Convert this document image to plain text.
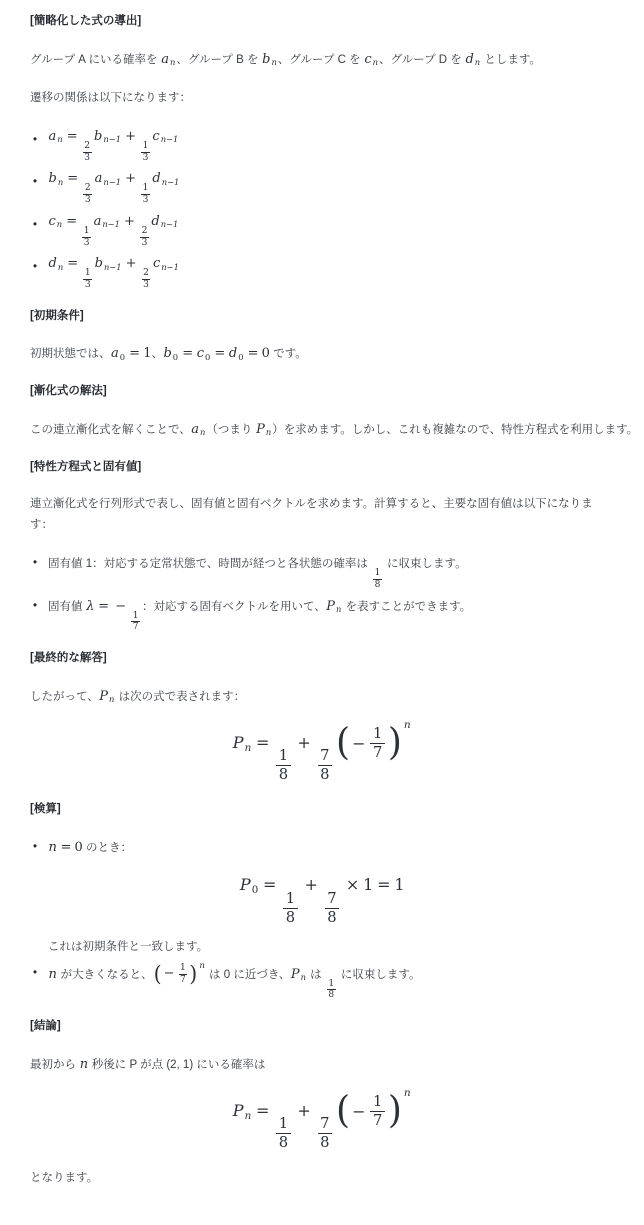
[簡略化した式の導出]

グループ A にいる確率を an、グループ B を bn、グループ C を cn、グループ D を dn とします。

遷移の関係は以下になります：

• an =
$\frac{2}{3}$
bn−1 +
$\frac{1}{3}$
cn−1
• bn =
$\frac{2}{3}$
an−1 +
$\frac{1}{3}$
dn−1
• cn =
$\frac{1}{3}$
an−1 +
$\frac{2}{3}$
dn−1
• dn =
$\frac{1}{3}$
bn−1 +
$\frac{2}{3}$
cn−1
[初期条件]

初期状態では、a0 = 1、b0 = c0 = d0 = 0 です。

[漸化式の解法]

この連立漸化式を解くことで、an（つまり Pn）を求めます。しかし、これも複雑なので、特性方程式を利用します。

[特性方程式と固有値]

連立漸化式を行列形式で表し、固有値と固有ベクトルを求めます。計算すると、主要な固有値は以下になりま
す：

• 固有値 1：対応する定常状態で、時間が経つと各状態の確率は
$\frac{1}{8}$
に収束します。
• 固有値 λ = −
$\frac{1}{7}$
：対応する固有ベクトルを用いて、Pn を表すことができます。
[最終的な解答]

したがって、Pn は次の式で表されます：

Pn =
$\frac{1}{8}$
+
$\frac{7}{8}$
( − $\frac{1}{7}$ ) n
[検算]
• n = 0 のとき：
P0 =
$\frac{1}{8}$
+
$\frac{7}{8}$
× 1 = 1
これは初期条件と一致します。
• n が大きくなると、 ( − $\frac{1}{7}$ ) n
は 0 に近づき、Pn は
$\frac{1}{8}$
に収束します。
[結論]

最初から n 秒後に P が点 (2, 1) にいる確率は

Pn =
$\frac{1}{8}$
+
$\frac{7}{8}$
( − $\frac{1}{7}$ ) n

となります。
